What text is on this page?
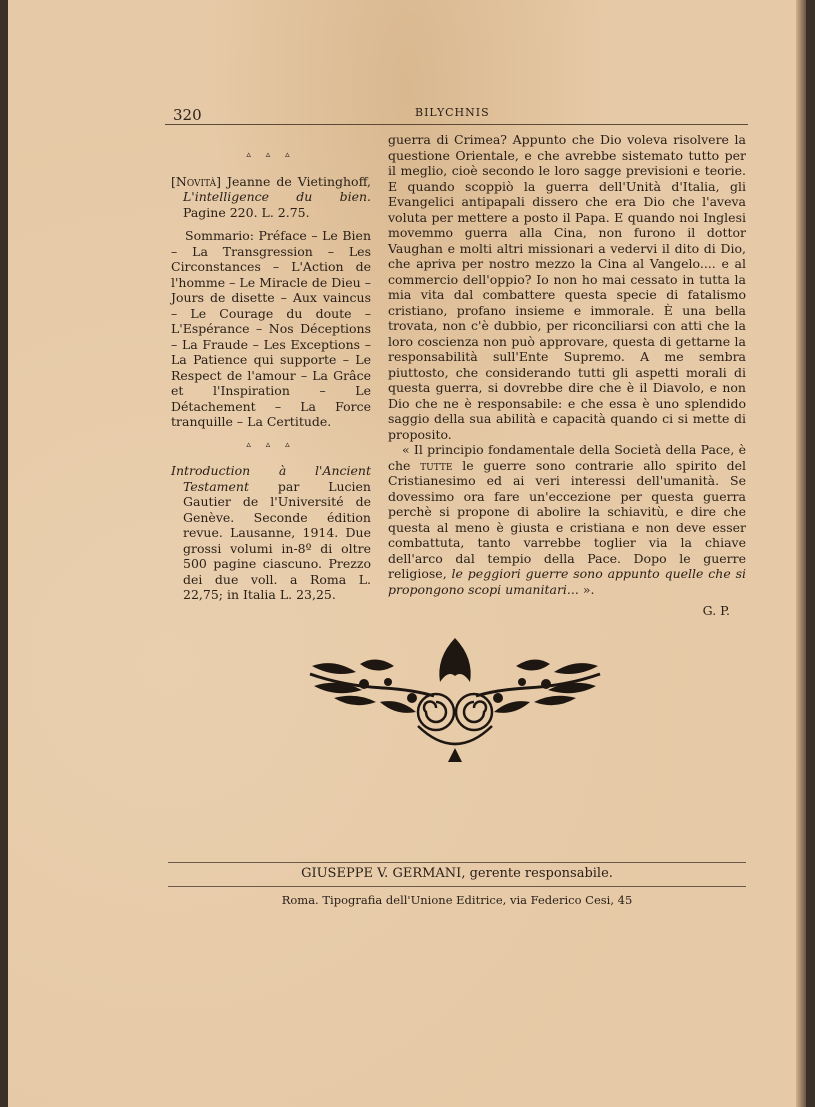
320	BILYCHNIS
▵ ▵ ▵

[Novità] Jeanne de Vietinghoff, L'intelligence du bien. Pagine 220. L. 2.75.

Sommario: Préface – Le Bien – La Transgression – Les Circonstances – L'Action de l'homme – Le Miracle de Dieu – Jours de disette – Aux vaincus – Le Courage du doute – L'Espérance – Nos Déceptions – La Fraude – Les Exceptions – La Patience qui supporte – Le Respect de l'amour – La Grâce et l'Inspiration – Le Détachement – La Force tranquille – La Certitude.

▵ ▵ ▵

Introduction à l'Ancient Testament par Lucien Gautier de l'Université de Genève. Seconde édition revue. Lausanne, 1914. Due grossi volumi in-8º di oltre 500 pagine ciascuno. Prezzo dei due voll. a Roma L. 22,75; in Italia L. 23,25.

guerra di Crimea? Appunto che Dio voleva risolvere la questione Orientale, e che avrebbe sistemato tutto per il meglio, cioè secondo le loro sagge previsioni e teorie. E quando scoppiò la guerra dell'Unità d'Italia, gli Evangelici antipapali dissero che era Dio che l'aveva voluta per mettere a posto il Papa. E quando noi Inglesi movemmo guerra alla Cina, non furono il dottor Vaughan e molti altri missionari a vedervi il dito di Dio, che apriva per nostro mezzo la Cina al Vangelo.... e al commercio dell'oppio? Io non ho mai cessato in tutta la mia vita dal combattere questa specie di fatalismo cristiano, profano insieme e immorale. È una bella trovata, non c'è dubbio, per riconciliarsi con atti che la loro coscienza non può approvare, questa di gettarne la responsabilità sull'Ente Supremo. A me sembra piuttosto, che considerando tutti gli aspetti morali di questa guerra, si dovrebbe dire che è il Diavolo, e non Dio che ne è responsabile: e che essa è uno splendido saggio della sua abilità e capacità quando ci si mette di proposito.

« Il principio fondamentale della Società della Pace, è che tutte le guerre sono contrarie allo spirito del Cristianesimo ed ai veri interessi dell'umanità. Se dovessimo ora fare un'eccezione per questa guerra perchè si propone di abolire la schiavitù, e dire che questa al meno è giusta e cristiana e non deve esser combattuta, tanto varrebbe toglier via la chiave dell'arco dal tempio della Pace. Dopo le guerre religiose, le peggiori guerre sono appunto quelle che si propongono scopi umanitari... ».

G. P.

GIUSEPPE V. GERMANI, gerente responsabile.
Roma. Tipografia dell'Unione Editrice, via Federico Cesi, 45
